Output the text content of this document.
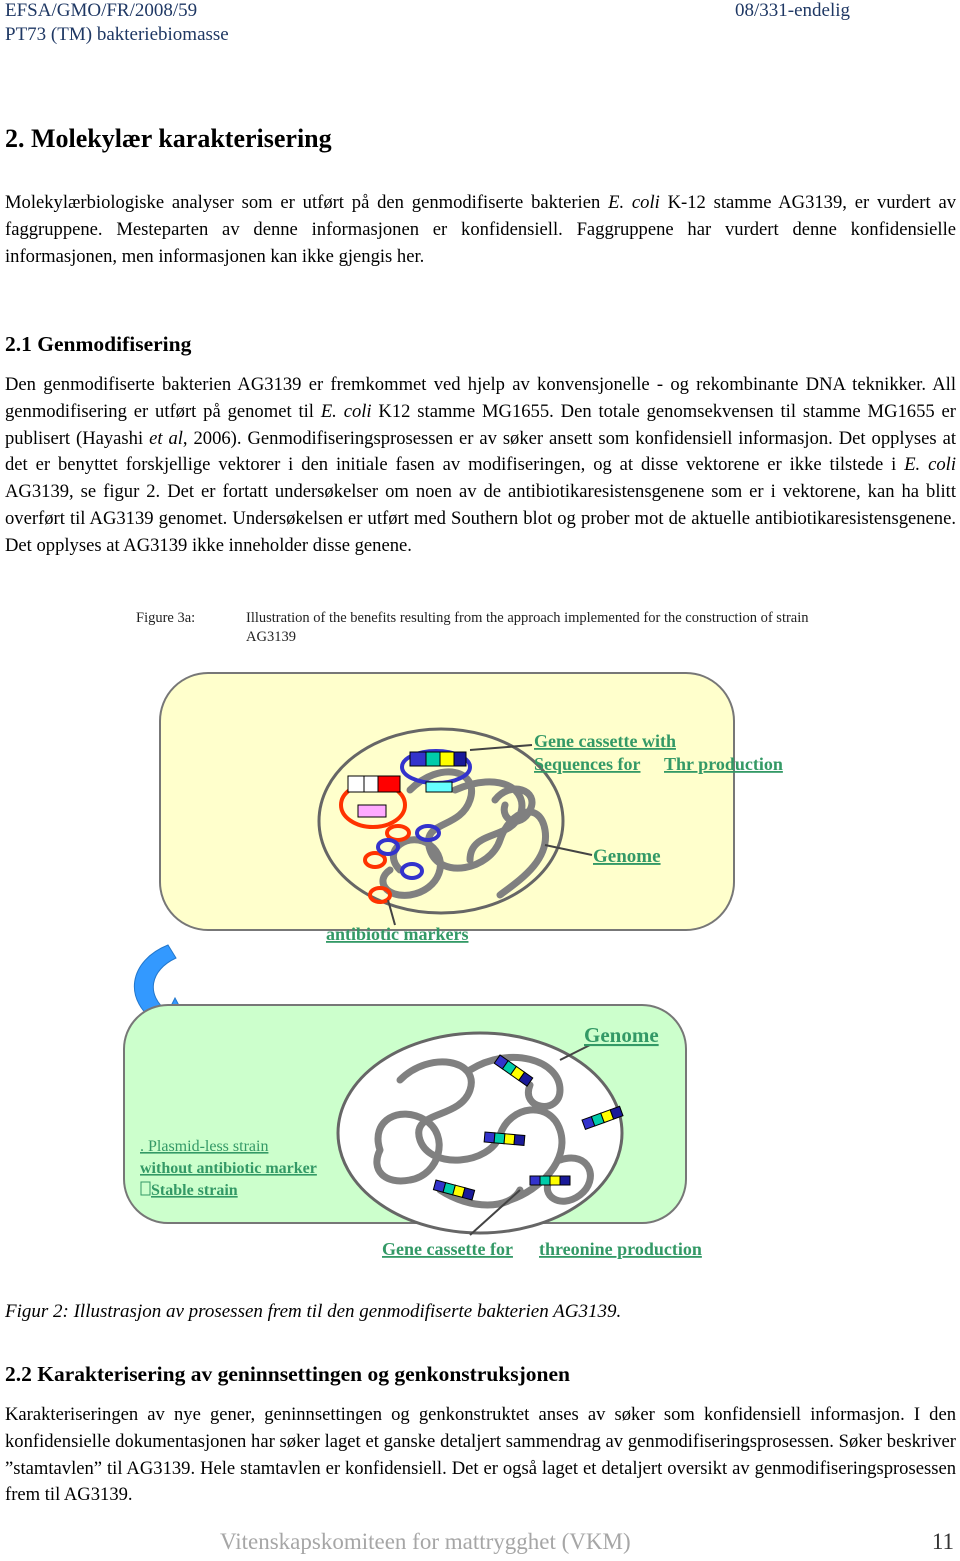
EFSA/GMO/FR/2008/59
PT73 (TM) bakteriebiomasse
08/331-endelig
2. Molekylær karakterisering

Molekylærbiologiske analyser som er utført på den genmodifiserte bakterien E. coli K-12 stamme AG3139, er vurdert av faggruppene. Mesteparten av denne informasjonen er konfidensiell. Faggruppene har vurdert denne konfidensielle informasjonen, men informasjonen kan ikke gjengis her.

2.1 Genmodifisering

Den genmodifiserte bakterien AG3139 er fremkommet ved hjelp av konvensjonelle - og rekombinante DNA teknikker. All genmodifisering er utført på genomet til E. coli K12 stamme MG1655. Den totale genomsekvensen til stamme MG1655 er publisert (Hayashi et al, 2006). Genmodifiseringsprosessen er av søker ansett som konfidensiell informasjon. Det opplyses at det er benyttet forskjellige vektorer i den initiale fasen av modifiseringen, og at disse vektorene er ikke tilstede i E. coli AG3139, se figur 2. Det er fortatt undersøkelser om noen av de antibiotikaresistensgenene som er i vektorene, kan ha blitt overført til AG3139 genomet. Undersøkelsen er utført med Southern blot og prober mot de aktuelle antibiotikaresistensgenene. Det opplyses at AG3139 ikke inneholder disse genene.

Figure 3a:	Illustration of the benefits resulting from the approach implemented for the construction of strain AG3139
Gene cassette with
Sequences for Thr production
Genome
antibiotic markers
Genome
. Plasmid-less strain
without antibiotic marker
Stable strain
Gene cassette for threonine production
Figur 2: Illustrasjon av prosessen frem til den genmodifiserte bakterien AG3139.
2.2 Karakterisering av geninnsettingen og genkonstruksjonen

Karakteriseringen av nye gener, geninnsettingen og genkonstruktet anses av søker som konfidensiell informasjon. I den konfidensielle dokumentasjonen har søker laget et ganske detaljert sammendrag av genmodifiseringsprosessen. Søker beskriver ”stamtavlen” til AG3139. Hele stamtavlen er konfidensiell. Det er også laget et detaljert oversikt av genmodifiseringsprosessen frem til AG3139.

Vitenskapskomiteen for mattrygghet (VKM)	11
